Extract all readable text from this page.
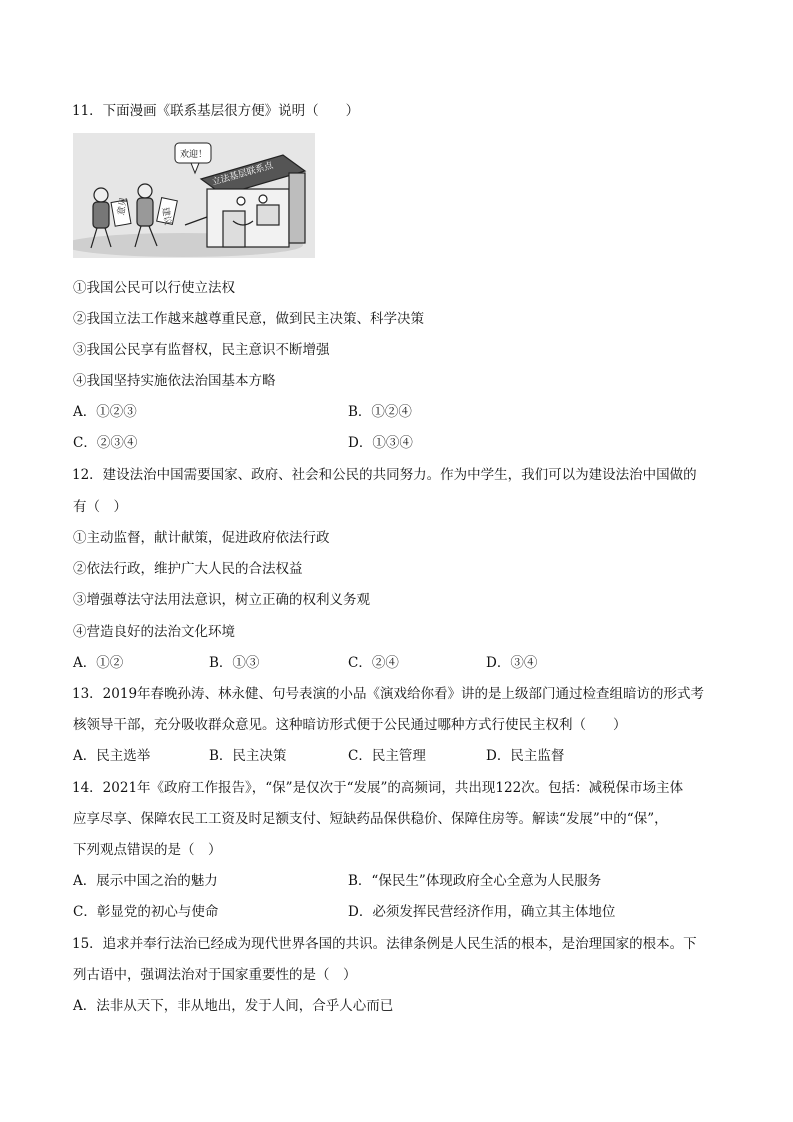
11．下面漫画《联系基层很方便》说明（　　）
意见
建议
欢迎！
立法基层联系点
①我国公民可以行使立法权
②我国立法工作越来越尊重民意，做到民主决策、科学决策
③我国公民享有监督权，民主意识不断增强
④我国坚持实施依法治国基本方略
A．①②③	B．①②④
C．②③④	D．①③④
12．建设法治中国需要国家、政府、社会和公民的共同努力。作为中学生，我们可以为建设法治中国做的
有（　）
①主动监督，献计献策，促进政府依法行政
②依法行政，维护广大人民的合法权益
③增强尊法守法用法意识，树立正确的权利义务观
④营造良好的法治文化环境
A．①②	B．①③	C．②④	D．③④
13．2019年春晚孙涛、林永健、句号表演的小品《演戏给你看》讲的是上级部门通过检查组暗访的形式考
核领导干部，充分吸收群众意见。这种暗访形式便于公民通过哪种方式行使民主权利（　　）
A．民主选举	B．民主决策	C．民主管理	D．民主监督
14．2021年《政府工作报告》，“保”是仅次于“发展”的高频词，共出现122次。包括：减税保市场主体
应享尽享、保障农民工工资及时足额支付、短缺药品保供稳价、保障住房等。解读“发展”中的“保”，
下列观点错误的是（　）
A．展示中国之治的魅力	B．“保民生”体现政府全心全意为人民服务
C．彰显党的初心与使命	D．必须发挥民营经济作用，确立其主体地位
15．追求并奉行法治已经成为现代世界各国的共识。法律条例是人民生活的根本，是治理国家的根本。下
列古语中，强调法治对于国家重要性的是（　）
A．法非从天下，非从地出，发于人间，合乎人心而已
